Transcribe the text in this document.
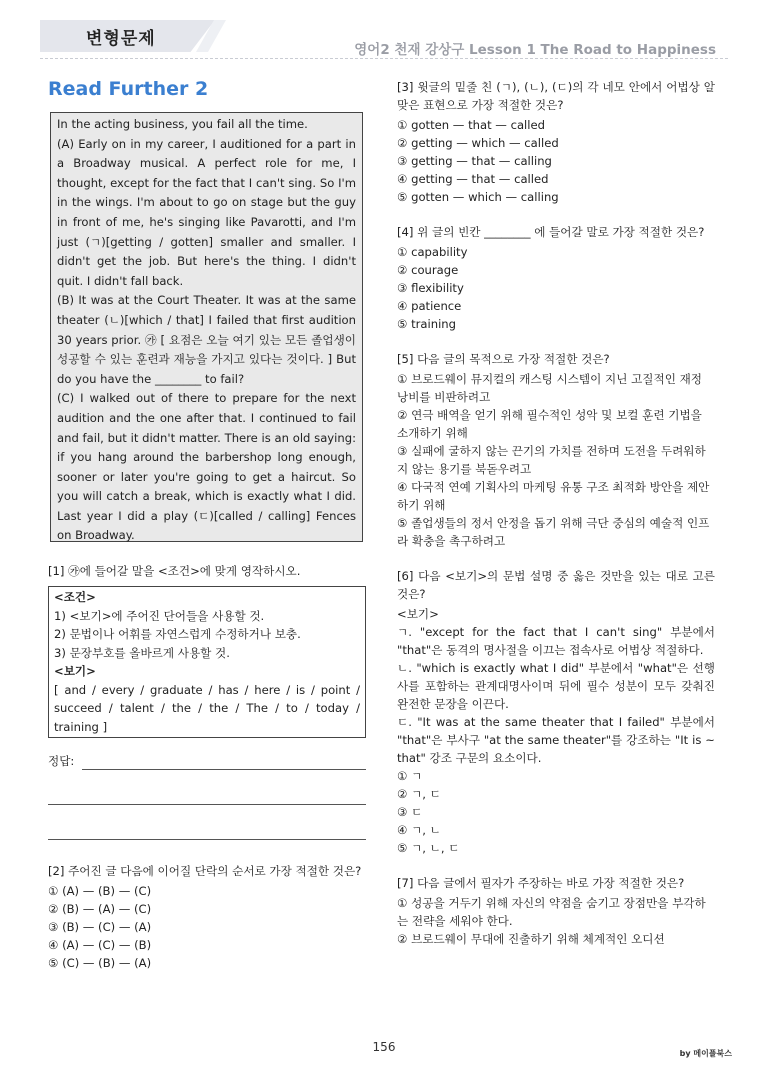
변형문제
영어2 천재 강상구 Lesson 1 The Road to Happiness
Read Further 2

In the acting business, you fail all the time.

(A) Early on in my career, I auditioned for a part in a Broadway musical. A perfect role for me, I thought, except for the fact that I can't sing. So I'm in the wings. I'm about to go on stage but the guy in front of me, he's singing like Pavarotti, and I'm just (ㄱ)[getting / gotten] smaller and smaller. I didn't get the job. But here's the thing. I didn't quit. I didn't fall back.

(B) It was at the Court Theater. It was at the same theater (ㄴ)[which / that] I failed that first audition 30 years prior. ㉮ [ 요점은 오늘 여기 있는 모든 졸업생이 성공할 수 있는 훈련과 재능을 가지고 있다는 것이다. ] But do you have the ________ to fail?

(C) I walked out of there to prepare for the next audition and the one after that. I continued to fail and fail, but it didn't matter. There is an old saying: if you hang around the barbershop long enough, sooner or later you're going to get a haircut. So you will catch a break, which is exactly what I did. Last year I did a play (ㄷ)[called / calling] Fences on Broadway.

[1] ㉮에 들어갈 말을 <조건>에 맞게 영작하시오.

<조건>
1) <보기>에 주어진 단어들을 사용할 것.
2) 문법이나 어휘를 자연스럽게 수정하거나 보충.
3) 문장부호를 올바르게 사용할 것.
<보기>
[ and / every / graduate / has / here / is / point / succeed / talent / the / the / The / to / today / training ]
정답:

[2] 주어진 글 다음에 이어질 단락의 순서로 가장 적절한 것은?

① (A) — (B) — (C)

② (B) — (A) — (C)

③ (B) — (C) — (A)

④ (A) — (C) — (B)

⑤ (C) — (B) — (A)

[3] 윗글의 밑줄 친 (ㄱ), (ㄴ), (ㄷ)의 각 네모 안에서 어법상 알맞은 표현으로 가장 적절한 것은?

① gotten — that — called

② getting — which — called

③ getting — that — calling

④ getting — that — called

⑤ gotten — which — calling

[4] 위 글의 빈칸 ________ 에 들어갈 말로 가장 적절한 것은?

① capability

② courage

③ flexibility

④ patience

⑤ training

[5] 다음 글의 목적으로 가장 적절한 것은?

① 브로드웨이 뮤지컬의 캐스팅 시스템이 지닌 고질적인 재정 낭비를 비판하려고

② 연극 배역을 얻기 위해 필수적인 성악 및 보컬 훈련 기법을 소개하기 위해

③ 실패에 굴하지 않는 끈기의 가치를 전하며 도전을 두려워하지 않는 용기를 북돋우려고

④ 다국적 연예 기획사의 마케팅 유통 구조 최적화 방안을 제안하기 위해

⑤ 졸업생들의 정서 안정을 돕기 위해 극단 중심의 예술적 인프라 확충을 촉구하려고

[6] 다음 <보기>의 문법 설명 중 옳은 것만을 있는 대로 고른 것은?

<보기>

ㄱ. "except for the fact that I can't sing" 부분에서 "that"은 동격의 명사절을 이끄는 접속사로 어법상 적절하다.

ㄴ. "which is exactly what I did" 부분에서 "what"은 선행사를 포함하는 관계대명사이며 뒤에 필수 성분이 모두 갖춰진 완전한 문장을 이끈다.

ㄷ. "It was at the same theater that I failed" 부분에서 "that"은 부사구 "at the same theater"를 강조하는 "It is ~ that" 강조 구문의 요소이다.

① ㄱ

② ㄱ, ㄷ

③ ㄷ

④ ㄱ, ㄴ

⑤ ㄱ, ㄴ, ㄷ

[7] 다음 글에서 필자가 주장하는 바로 가장 적절한 것은?

① 성공을 거두기 위해 자신의 약점을 숨기고 장점만을 부각하는 전략을 세워야 한다.

② 브로드웨이 무대에 진출하기 위해 체계적인 오디션

156	by 메이플북스
